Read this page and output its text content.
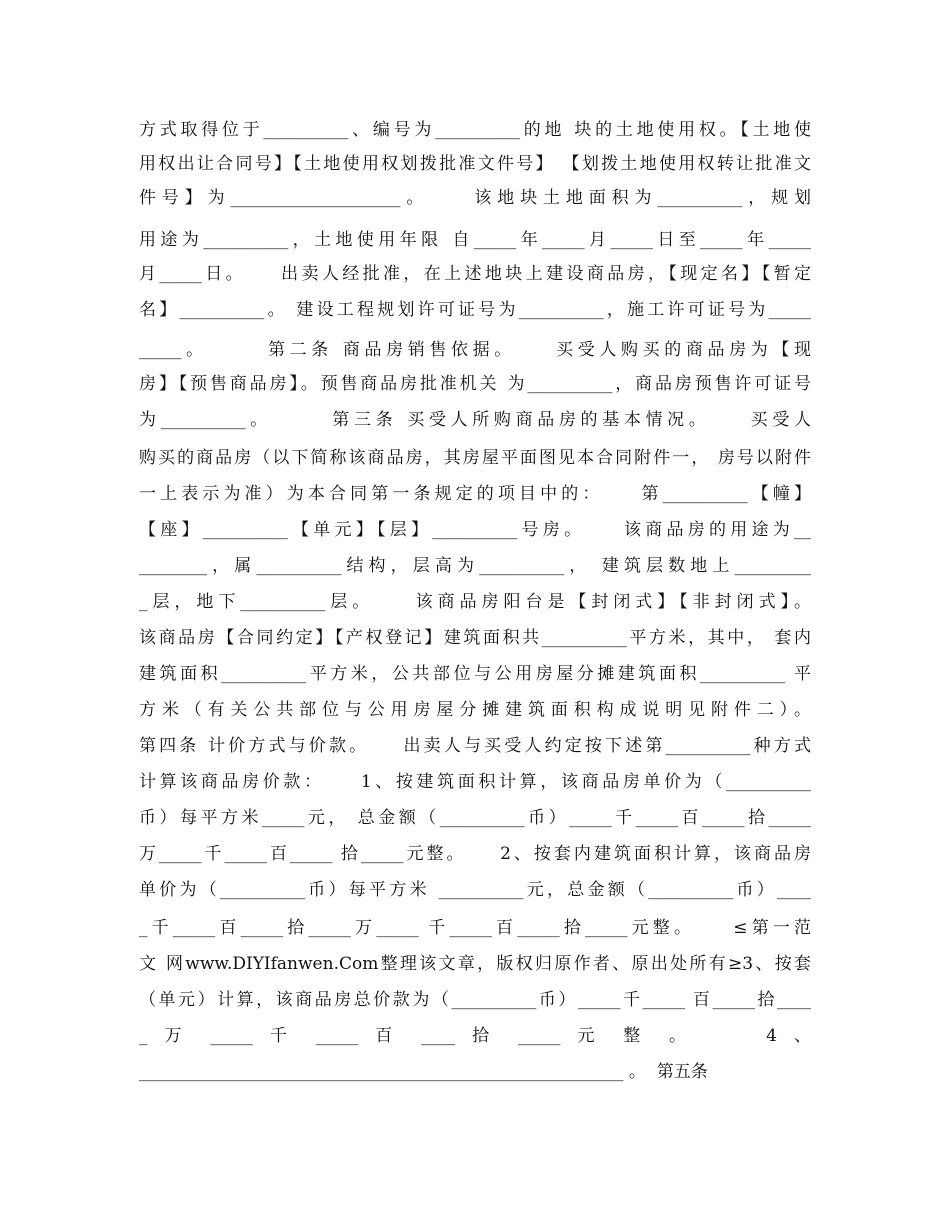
方式取得位于__________、编号为__________的地 块的土地使用权。【土地使
用权出让合同号】【土地使用权划拨批准文件号】 【划拨土地使用权转让批准文
件号】为____________________。    该地块土地面积为__________，规划
用途为__________，土地使用年限 自_____年_____月_____日至_____年_____
月_____日。    出卖人经批准，在上述地块上建设商品房，【现定名】【暂定
名】__________。 建设工程规划许可证号为__________，施工许可证号为_____
_____。      第二条 商品房销售依据。    买受人购买的商品房为【现
房】【预售商品房】。预售商品房批准机关 为__________，商品房预售许可证号
为__________。      第三条 买受人所购商品房的基本情况。    买受人
购买的商品房（以下简称该商品房，其房屋平面图见本合同附件一， 房号以附件
一上表示为准）为本合同第一条规定的项目中的：    第__________【幢】
【座】__________【单元】【层】__________号房。    该商品房的用途为__
________，属__________结构，层高为__________， 建筑层数地上_________
_层，地下__________层。    该商品房阳台是【封闭式】【非封闭式】。
该商品房【合同约定】【产权登记】建筑面积共__________平方米，其中， 套内
建筑面积__________平方米，公共部位与公用房屋分摊建筑面积__________ 平
方米（有关公共部位与公用房屋分摊建筑面积构成说明见附件二）。
第四条 计价方式与价款。    出卖人与买受人约定按下述第__________种方式
计算该商品房价款：    1、按建筑面积计算，该商品房单价为（__________
币）每平方米_____元， 总金额（__________币）_____千_____百_____拾_____
万_____千_____百_____ 拾_____元整。    2、按套内建筑面积计算，该商品房
单价为（__________币）每平方米 __________元，总金额（__________币）____
_千_____百_____拾_____万_____ 千_____百_____拾_____元整。    ≤第一范
文 网www.DIYIfanwen.Com整理该文章，版权归原作者、原出处所有≥3、按套
（单元）计算，该商品房总价款为（__________币）_____千_____ 百_____拾____
_ 万 _____ 千 _____ 百 ____ 拾 _____ 元 整 。    4 、
_________________________________________________________ 。  第五条
